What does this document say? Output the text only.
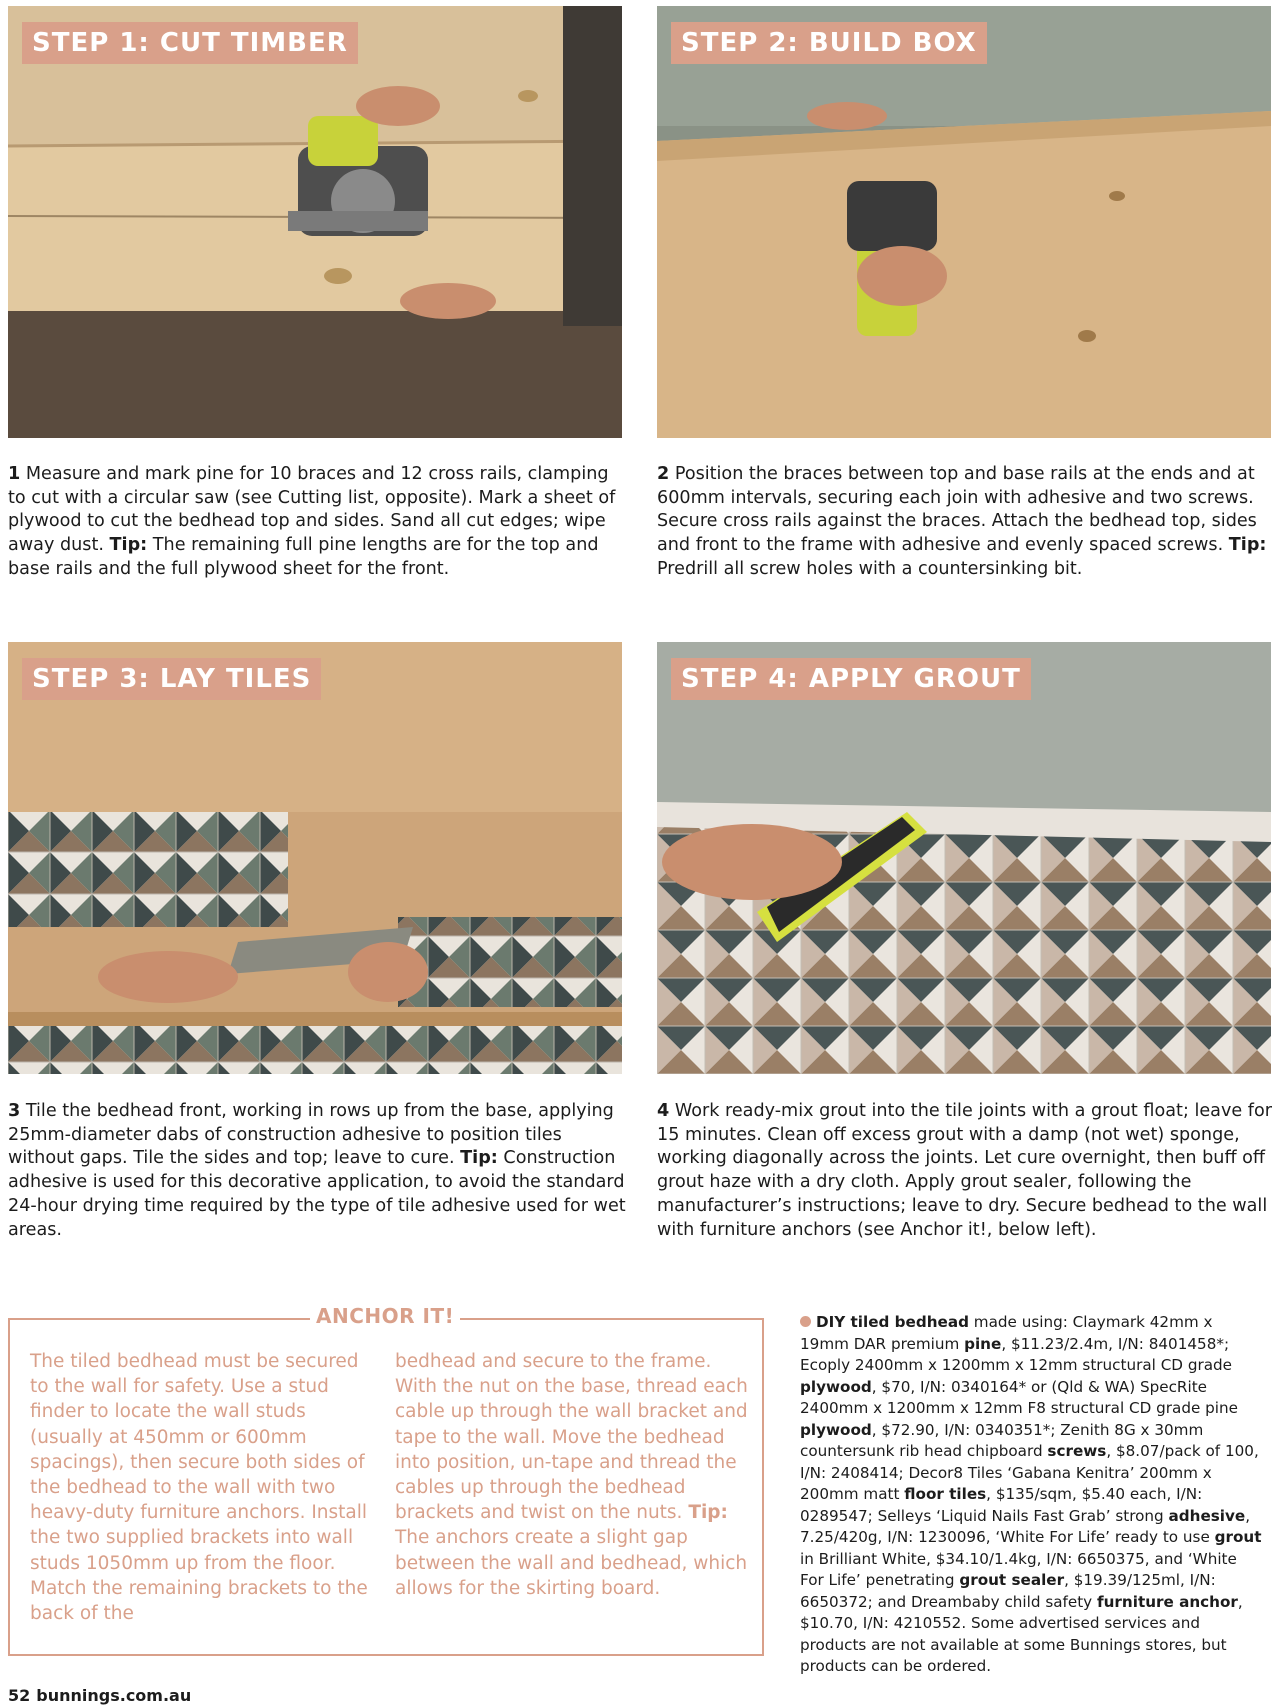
STEP 1: CUT TIMBER	STEP 2: BUILD BOX

1 Measure and mark pine for 10 braces and 12 cross rails, clamping to cut with a circular saw (see Cutting list, opposite). Mark a sheet of plywood to cut the bedhead top and sides. Sand all cut edges; wipe away dust. Tip: The remaining full pine lengths are for the top and base rails and the full plywood sheet for the front.

2 Position the braces between top and base rails at the ends and at 600mm intervals, securing each join with adhesive and two screws. Secure cross rails against the braces. Attach the bedhead top, sides and front to the frame with adhesive and evenly spaced screws. Tip: Predrill all screw holes with a countersinking bit.

STEP 3: LAY TILES	STEP 4: APPLY GROUT

3 Tile the bedhead front, working in rows up from the base, applying 25mm-diameter dabs of construction adhesive to position tiles without gaps. Tile the sides and top; leave to cure. Tip: Construction adhesive is used for this decorative application, to avoid the standard 24-hour drying time required by the type of tile adhesive used for wet areas.

4 Work ready-mix grout into the tile joints with a grout float; leave for 15 minutes. Clean off excess grout with a damp (not wet) sponge, working diagonally across the joints. Let cure overnight, then buff off grout haze with a dry cloth. Apply grout sealer, following the manufacturer’s instructions; leave to dry. Secure bedhead to the wall with furniture anchors (see Anchor it!, below left).

ANCHOR IT!

The tiled bedhead must be secured to the wall for safety. Use a stud finder to locate the wall studs (usually at 450mm or 600mm spacings), then secure both sides of the bedhead to the wall with two heavy-duty furniture anchors. Install the two supplied brackets into wall studs 1050mm up from the floor. Match the remaining brackets to the back of the

bedhead and secure to the frame. With the nut on the base, thread each cable up through the wall bracket and tape to the wall. Move the bedhead into position, un-tape and thread the cables up through the bedhead brackets and twist on the nuts. Tip: The anchors create a slight gap between the wall and bedhead, which allows for the skirting board.

DIY tiled bedhead made using: Claymark 42mm x 19mm DAR premium pine, $11.23/2.4m, I/N: 8401458*; Ecoply 2400mm x 1200mm x 12mm structural CD grade plywood, $70, I/N: 0340164* or (Qld & WA) SpecRite 2400mm x 1200mm x 12mm F8 structural CD grade pine plywood, $72.90, I/N: 0340351*; Zenith 8G x 30mm countersunk rib head chipboard screws, $8.07/pack of 100, I/N: 2408414; Decor8 Tiles ‘Gabana Kenitra’ 200mm x 200mm matt floor tiles, $135/sqm, $5.40 each, I/N: 0289547; Selleys ‘Liquid Nails Fast Grab’ strong adhesive, 7.25/420g, I/N: 1230096, ‘White For Life’ ready to use grout in Brilliant White, $34.10/1.4kg, I/N: 6650375, and ‘White For Life’ penetrating grout sealer, $19.39/125ml, I/N: 6650372; and Dreambaby child safety furniture anchor, $10.70, I/N: 4210552. Some advertised services and products are not available at some Bunnings stores, but products can be ordered.

52 bunnings.com.au
